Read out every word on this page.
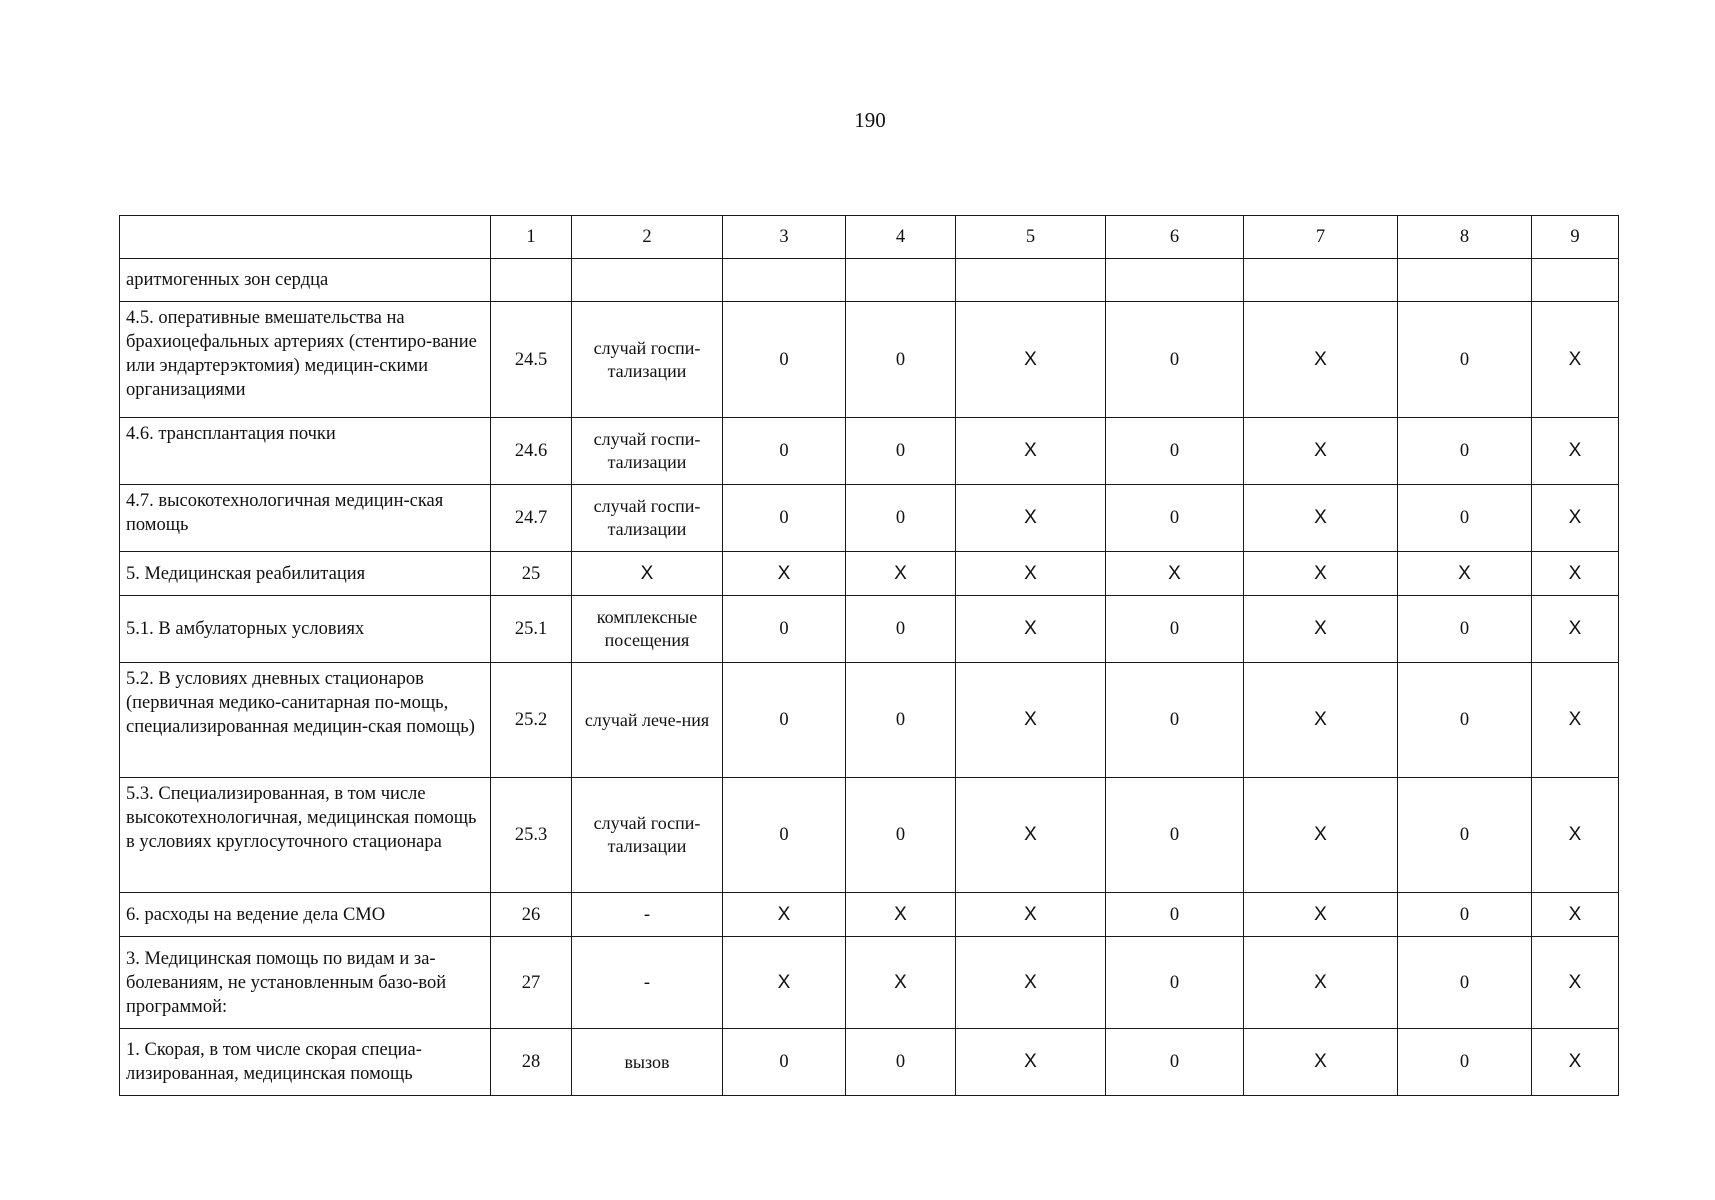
190
	1	2	3	4	5	6	7	8	9
аритмогенных зон сердца									
4.5. оперативные вмешательства на брахиоцефальных артериях (стентиро-вание или эндартерэктомия) медицин-скими организациями	24.5	случай госпи-тализации	0	0	X	0	X	0	X
4.6. трансплантация почки	24.6	случай госпи-тализации	0	0	X	0	X	0	X
4.7. высокотехнологичная медицин-ская помощь	24.7	случай госпи-тализации	0	0	X	0	X	0	X
5. Медицинская реабилитация	25	X	X	X	X	X	X	X	X
5.1. В амбулаторных условиях	25.1	комплексные посещения	0	0	X	0	X	0	X
5.2. В условиях дневных стационаров (первичная медико-санитарная по-мощь, специализированная медицин-ская помощь)	25.2	случай лече-ния	0	0	X	0	X	0	X
5.3. Специализированная, в том числе высокотехнологичная, медицинская помощь в условиях круглосуточного стационара	25.3	случай госпи-тализации	0	0	X	0	X	0	X
6. расходы на ведение дела СМО	26	-	X	X	X	0	X	0	X
3. Медицинская помощь по видам и за-болеваниям, не установленным базо-вой программой:	27	-	X	X	X	0	X	0	X
1. Скорая, в том числе скорая специа-лизированная, медицинская помощь	28	вызов	0	0	X	0	X	0	X
